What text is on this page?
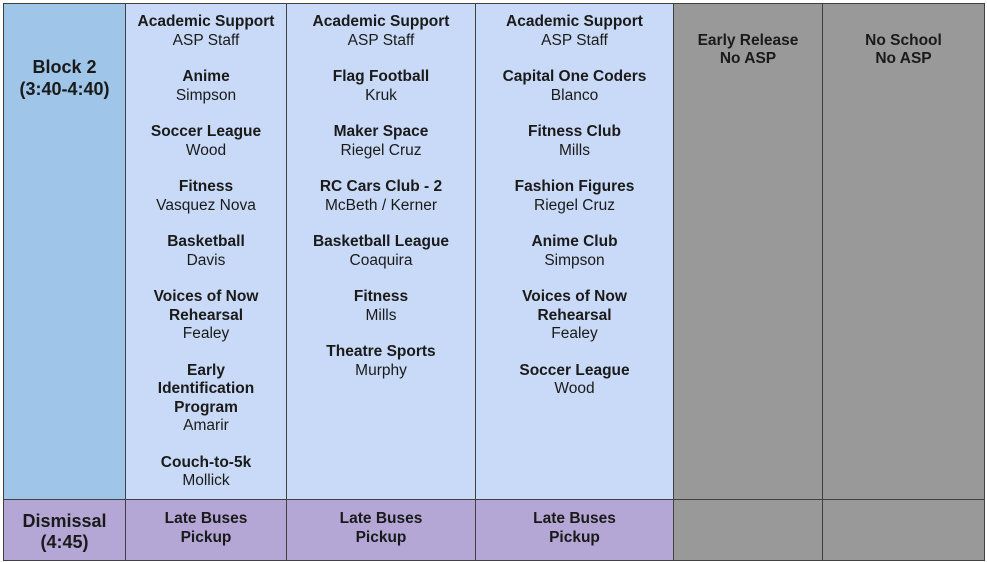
Block 2
(3:40-4:40)
Academic Support
ASP Staff
Anime
Simpson
Soccer League
Wood
Fitness
Vasquez Nova
Basketball
Davis
Voices of Now
Rehearsal
Fealey
Early
Identification
Program
Amarir
Couch-to-5k
Mollick
Academic Support
ASP Staff
Flag Football
Kruk
Maker Space
Riegel Cruz
RC Cars Club - 2
McBeth / Kerner
Basketball League
Coaquira
Fitness
Mills
Theatre Sports
Murphy
Academic Support
ASP Staff
Capital One Coders
Blanco
Fitness Club
Mills
Fashion Figures
Riegel Cruz
Anime Club
Simpson
Voices of Now
Rehearsal
Fealey
Soccer League
Wood
Early Release
No ASP
No School
No ASP
Dismissal
(4:45)
Late Buses
Pickup
Late Buses
Pickup
Late Buses
Pickup
